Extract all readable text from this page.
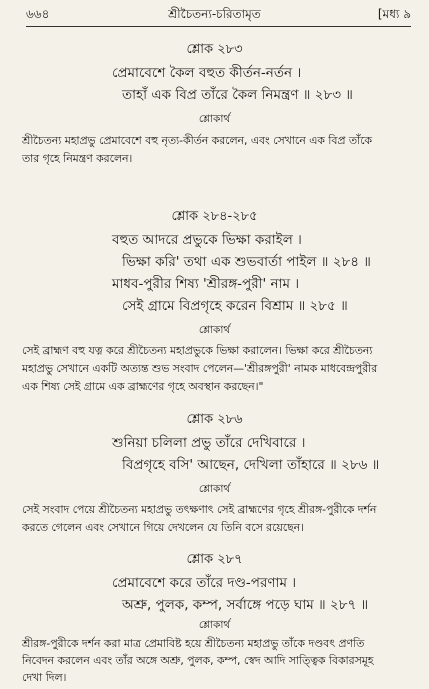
৬৬৪	শ্রীচৈতন্য-চরিতামৃত	[মধ্য ৯
শ্লোক ২৮৩
প্রেমাবেশে কৈল বহুত কীর্তন-নর্তন ।
তাহাঁ এক বিপ্র তাঁরে কৈল নিমন্ত্রণ ॥ ২৮৩ ॥
শ্লোকার্থ
শ্রীচৈতন্য মহাপ্রভু প্রেমাবেশে বহু নৃত্য-কীর্তন করলেন, এবং সেখানে এক বিপ্র তাঁকে
তার গৃহে নিমন্ত্রণ করলেন।
শ্লোক ২৮৪-২৮৫
বহুত আদরে প্রভুকে ভিক্ষা করাইল ।
ভিক্ষা করি' তথা এক শুভবার্তা পাইল ॥ ২৮৪ ॥
মাধব-পুরীর শিষ্য 'শ্রীরঙ্গ-পুরী' নাম ।
সেই গ্রামে বিপ্রগৃহে করেন বিশ্রাম ॥ ২৮৫ ॥
শ্লোকার্থ
সেই ব্রাহ্মণ বহু যত্ন করে শ্রীচৈতন্য মহাপ্রভুকে ভিক্ষা করালেন। ভিক্ষা করে শ্রীচৈতন্য
মহাপ্রভু সেখানে একটি অত্যন্ত শুভ সংবাদ পেলেন—'শ্রীরঙ্গপুরী' নামক মাধবেন্দ্রপুরীর
এক শিষ্য সেই গ্রামে এক ব্রাহ্মণের গৃহে অবস্থান করছেন।"
শ্লোক ২৮৬
শুনিয়া চলিলা প্রভু তাঁরে দেখিবারে ।
বিপ্রগৃহে বসি' আছেন, দেখিলা তাঁহারে ॥ ২৮৬ ॥
শ্লোকার্থ
সেই সংবাদ পেয়ে শ্রীচৈতন্য মহাপ্রভু তৎক্ষণাৎ সেই ব্রাহ্মণের গৃহে শ্রীরঙ্গ-পুরীকে দর্শন
করতে গেলেন এবং সেখানে গিয়ে দেখলেন যে তিনি বসে রয়েছেন।
শ্লোক ২৮৭
প্রেমাবেশে করে তাঁরে দণ্ড-পরণাম ।
অশ্রু, পুলক, কম্প, সর্বাঙ্গে পড়ে ঘাম ॥ ২৮৭ ॥
শ্লোকার্থ
শ্রীরঙ্গ-পুরীকে দর্শন করা মাত্র প্রেমাবিষ্ট হয়ে শ্রীচৈতন্য মহাপ্রভু তাঁকে দণ্ডবৎ প্রণতি
নিবেদন করলেন এবং তাঁর অঙ্গে অশ্রু, পুলক, কম্প, স্বেদ আদি সাত্ত্বিক বিকারসমূহ
দেখা দিল।
